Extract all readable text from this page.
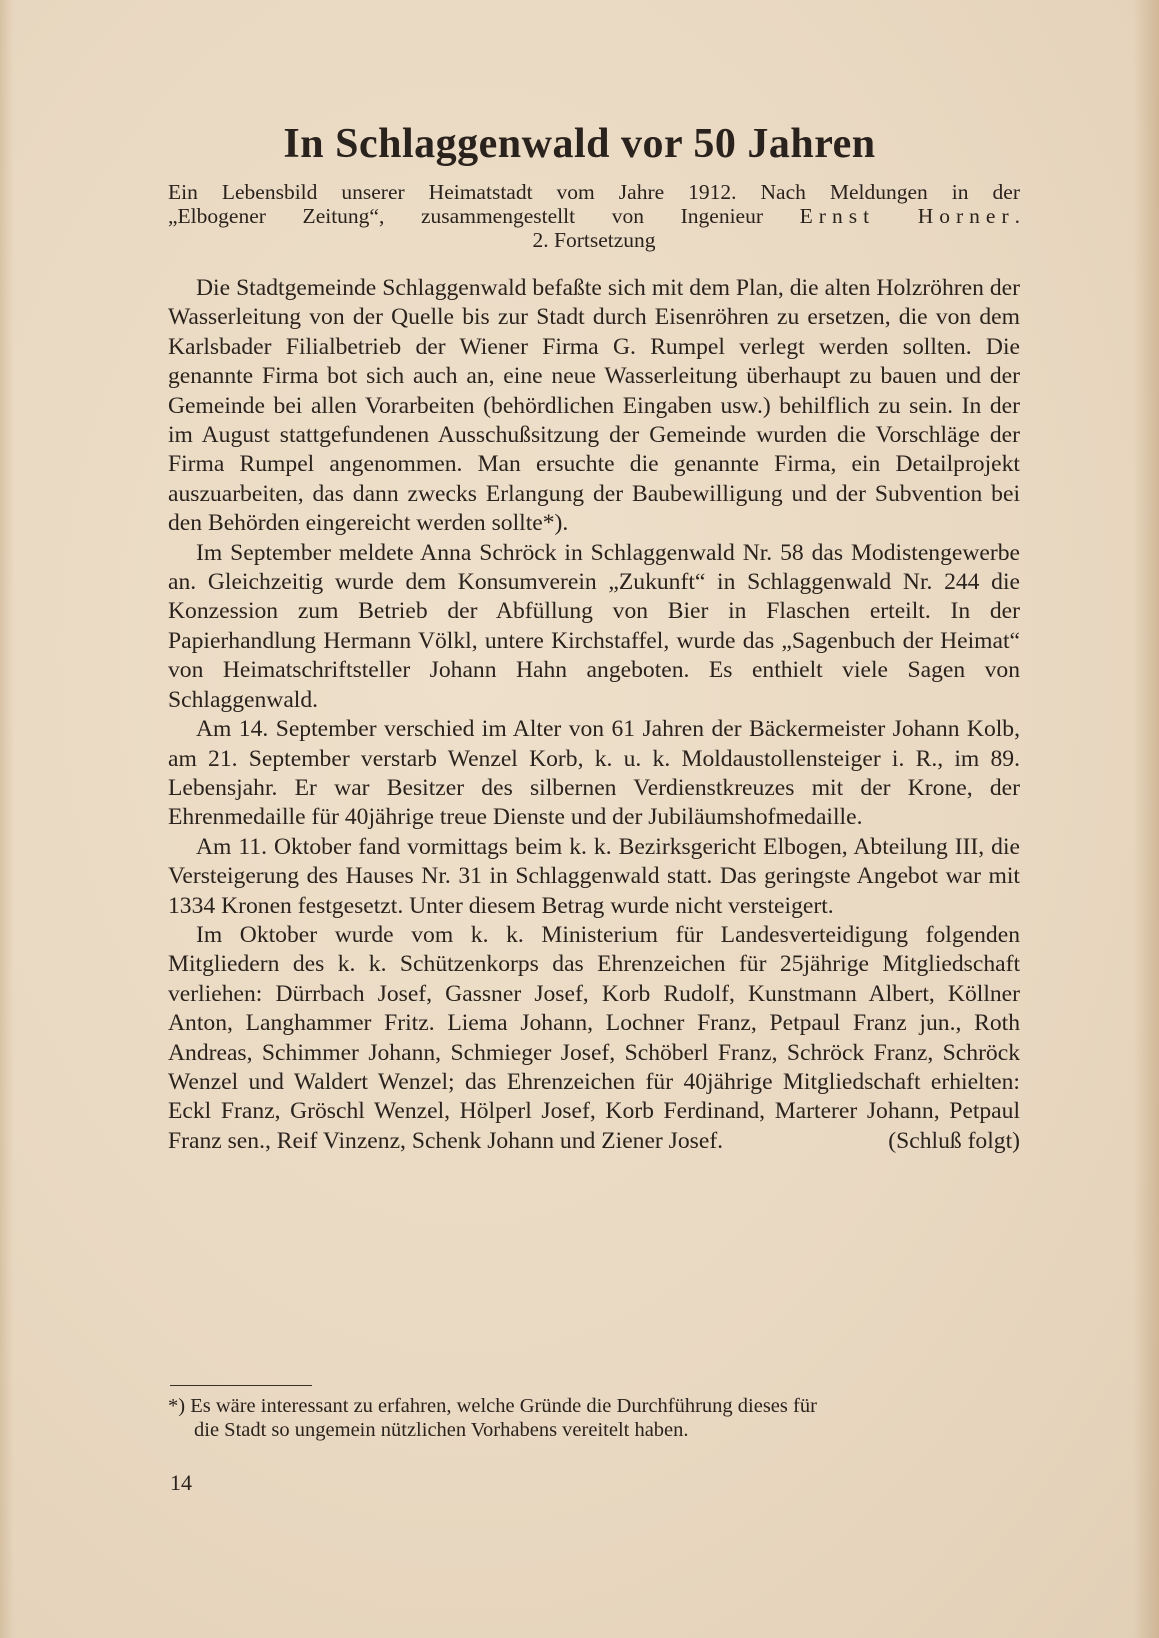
In Schlaggenwald vor 50 Jahren
Ein Lebensbild unserer Heimatstadt vom Jahre 1912. Nach Meldungen in der
„Elbogener Zeitung“, zusammengestellt von Ingenieur Ernst Horner.
2. Fortsetzung

Die Stadtgemeinde Schlaggenwald befaßte sich mit dem Plan, die alten Holzröhren der Wasserleitung von der Quelle bis zur Stadt durch Eisenröhren zu ersetzen, die von dem Karlsbader Filialbetrieb der Wiener Firma G. Rumpel verlegt werden sollten. Die genannte Firma bot sich auch an, eine neue Wasserleitung überhaupt zu bauen und der Gemeinde bei allen Vorarbeiten (behördlichen Eingaben usw.) behilflich zu sein. In der im August stattgefundenen Ausschußsitzung der Gemeinde wurden die Vorschläge der Firma Rumpel angenommen. Man ersuchte die genannte Firma, ein Detailprojekt auszuarbeiten, das dann zwecks Erlangung der Baubewilligung und der Subvention bei den Behörden eingereicht werden sollte*).

Im September meldete Anna Schröck in Schlaggenwald Nr. 58 das Modistengewerbe an. Gleichzeitig wurde dem Konsumverein „Zukunft“ in Schlaggenwald Nr. 244 die Konzession zum Betrieb der Abfüllung von Bier in Flaschen erteilt. In der Papierhandlung Hermann Völkl, untere Kirchstaffel, wurde das „Sagenbuch der Heimat“ von Heimatschriftsteller Johann Hahn angeboten. Es enthielt viele Sagen von Schlaggenwald.

Am 14. September verschied im Alter von 61 Jahren der Bäckermeister Johann Kolb, am 21. September verstarb Wenzel Korb, k. u. k. Moldaustollensteiger i. R., im 89. Lebensjahr. Er war Besitzer des silbernen Verdienstkreuzes mit der Krone, der Ehrenmedaille für 40jährige treue Dienste und der Jubiläumshofmedaille.

Am 11. Oktober fand vormittags beim k. k. Bezirksgericht Elbogen, Abteilung III, die Versteigerung des Hauses Nr. 31 in Schlaggenwald statt. Das geringste Angebot war mit 1334 Kronen festgesetzt. Unter diesem Betrag wurde nicht versteigert.

Im Oktober wurde vom k. k. Ministerium für Landesverteidigung folgenden Mitgliedern des k. k. Schützenkorps das Ehrenzeichen für 25jährige Mitgliedschaft verliehen: Dürrbach Josef, Gassner Josef, Korb Rudolf, Kunstmann Albert, Köllner Anton, Langhammer Fritz. Liema Johann, Lochner Franz, Petpaul Franz jun., Roth Andreas, Schimmer Johann, Schmieger Josef, Schöberl Franz, Schröck Franz, Schröck Wenzel und Waldert Wenzel; das Ehrenzeichen für 40jährige Mitgliedschaft erhielten: Eckl Franz, Gröschl Wenzel, Hölperl Josef, Korb Ferdinand, Marterer Johann, Petpaul Franz sen., Reif Vinzenz, Schenk Johann und Ziener Josef.	(Schluß folgt)

*) Es wäre interessant zu erfahren, welche Gründe die Durchführung dieses für
die Stadt so ungemein nützlichen Vorhabens vereitelt haben.
14
